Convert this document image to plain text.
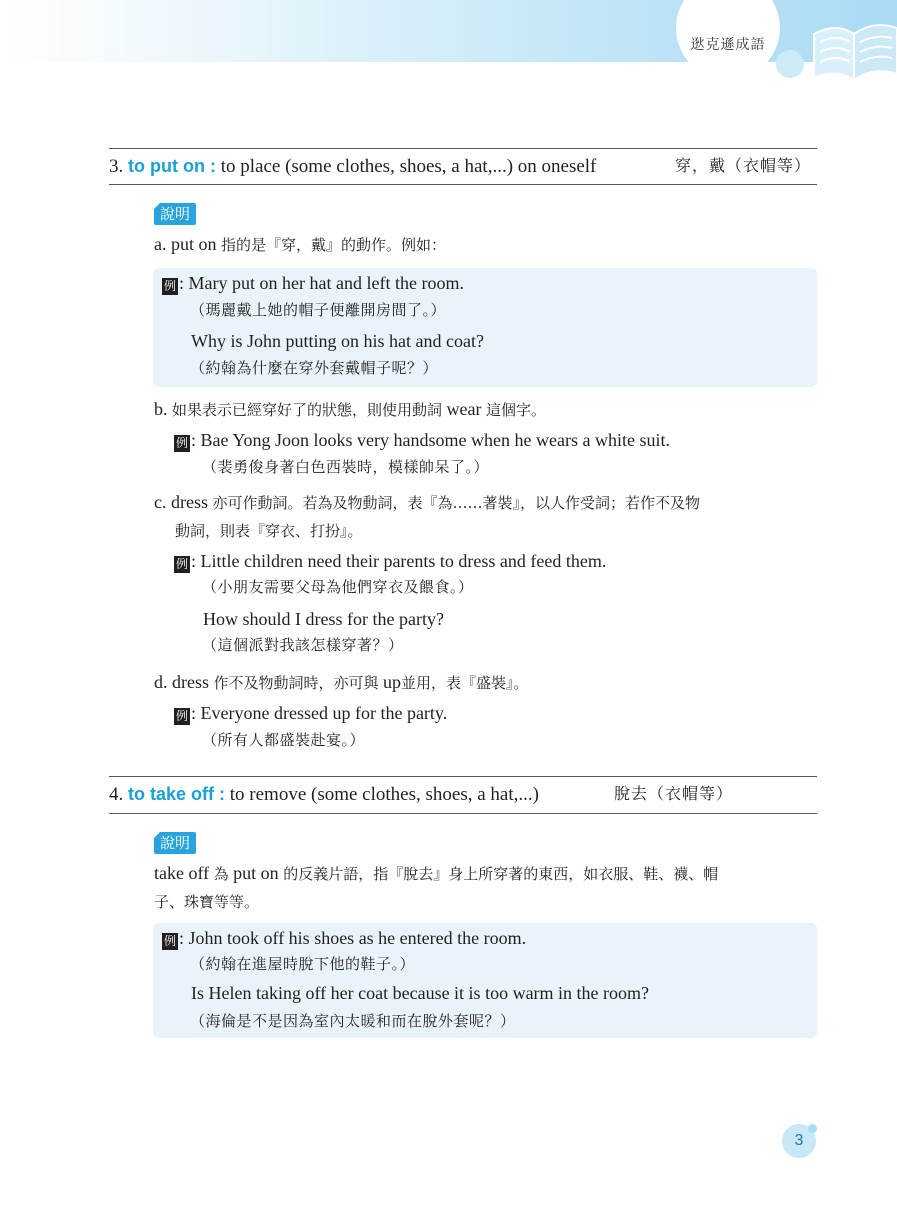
逖克遜成語
3. to put on : to place (some clothes, shoes, a hat,...) on oneself	穿，戴（衣帽等）
說明
a. put on 指的是『穿，戴』的動作。例如：
例 : Mary put on her hat and left the room.
（瑪麗戴上她的帽子便離開房間了。）
Why is John putting on his hat and coat?
（約翰為什麼在穿外套戴帽子呢？）
b. 如果表示已經穿好了的狀態，則使用動詞 wear 這個字。
例 : Bae Yong Joon looks very handsome when he wears a white suit.
（裴勇俊身著白色西裝時，模樣帥呆了。）
c. dress 亦可作動詞。若為及物動詞，表『為……著裝』，以人作受詞；若作不及物
動詞，則表『穿衣、打扮』。
例 : Little children need their parents to dress and feed them.
（小朋友需要父母為他們穿衣及餵食。）
How should I dress for the party?
（這個派對我該怎樣穿著？）
d. dress 作不及物動詞時，亦可與 up並用，表『盛裝』。
例 : Everyone dressed up for the party.
（所有人都盛裝赴宴。）
4. to take off : to remove (some clothes, shoes, a hat,...)	脫去（衣帽等）
說明
take off 為 put on 的反義片語，指『脫去』身上所穿著的東西，如衣服、鞋、襪、帽
子、珠寶等等。
例 : John took off his shoes as he entered the room.
（約翰在進屋時脫下他的鞋子。）
Is Helen taking off her coat because it is too warm in the room?
（海倫是不是因為室內太暖和而在脫外套呢？）
3
